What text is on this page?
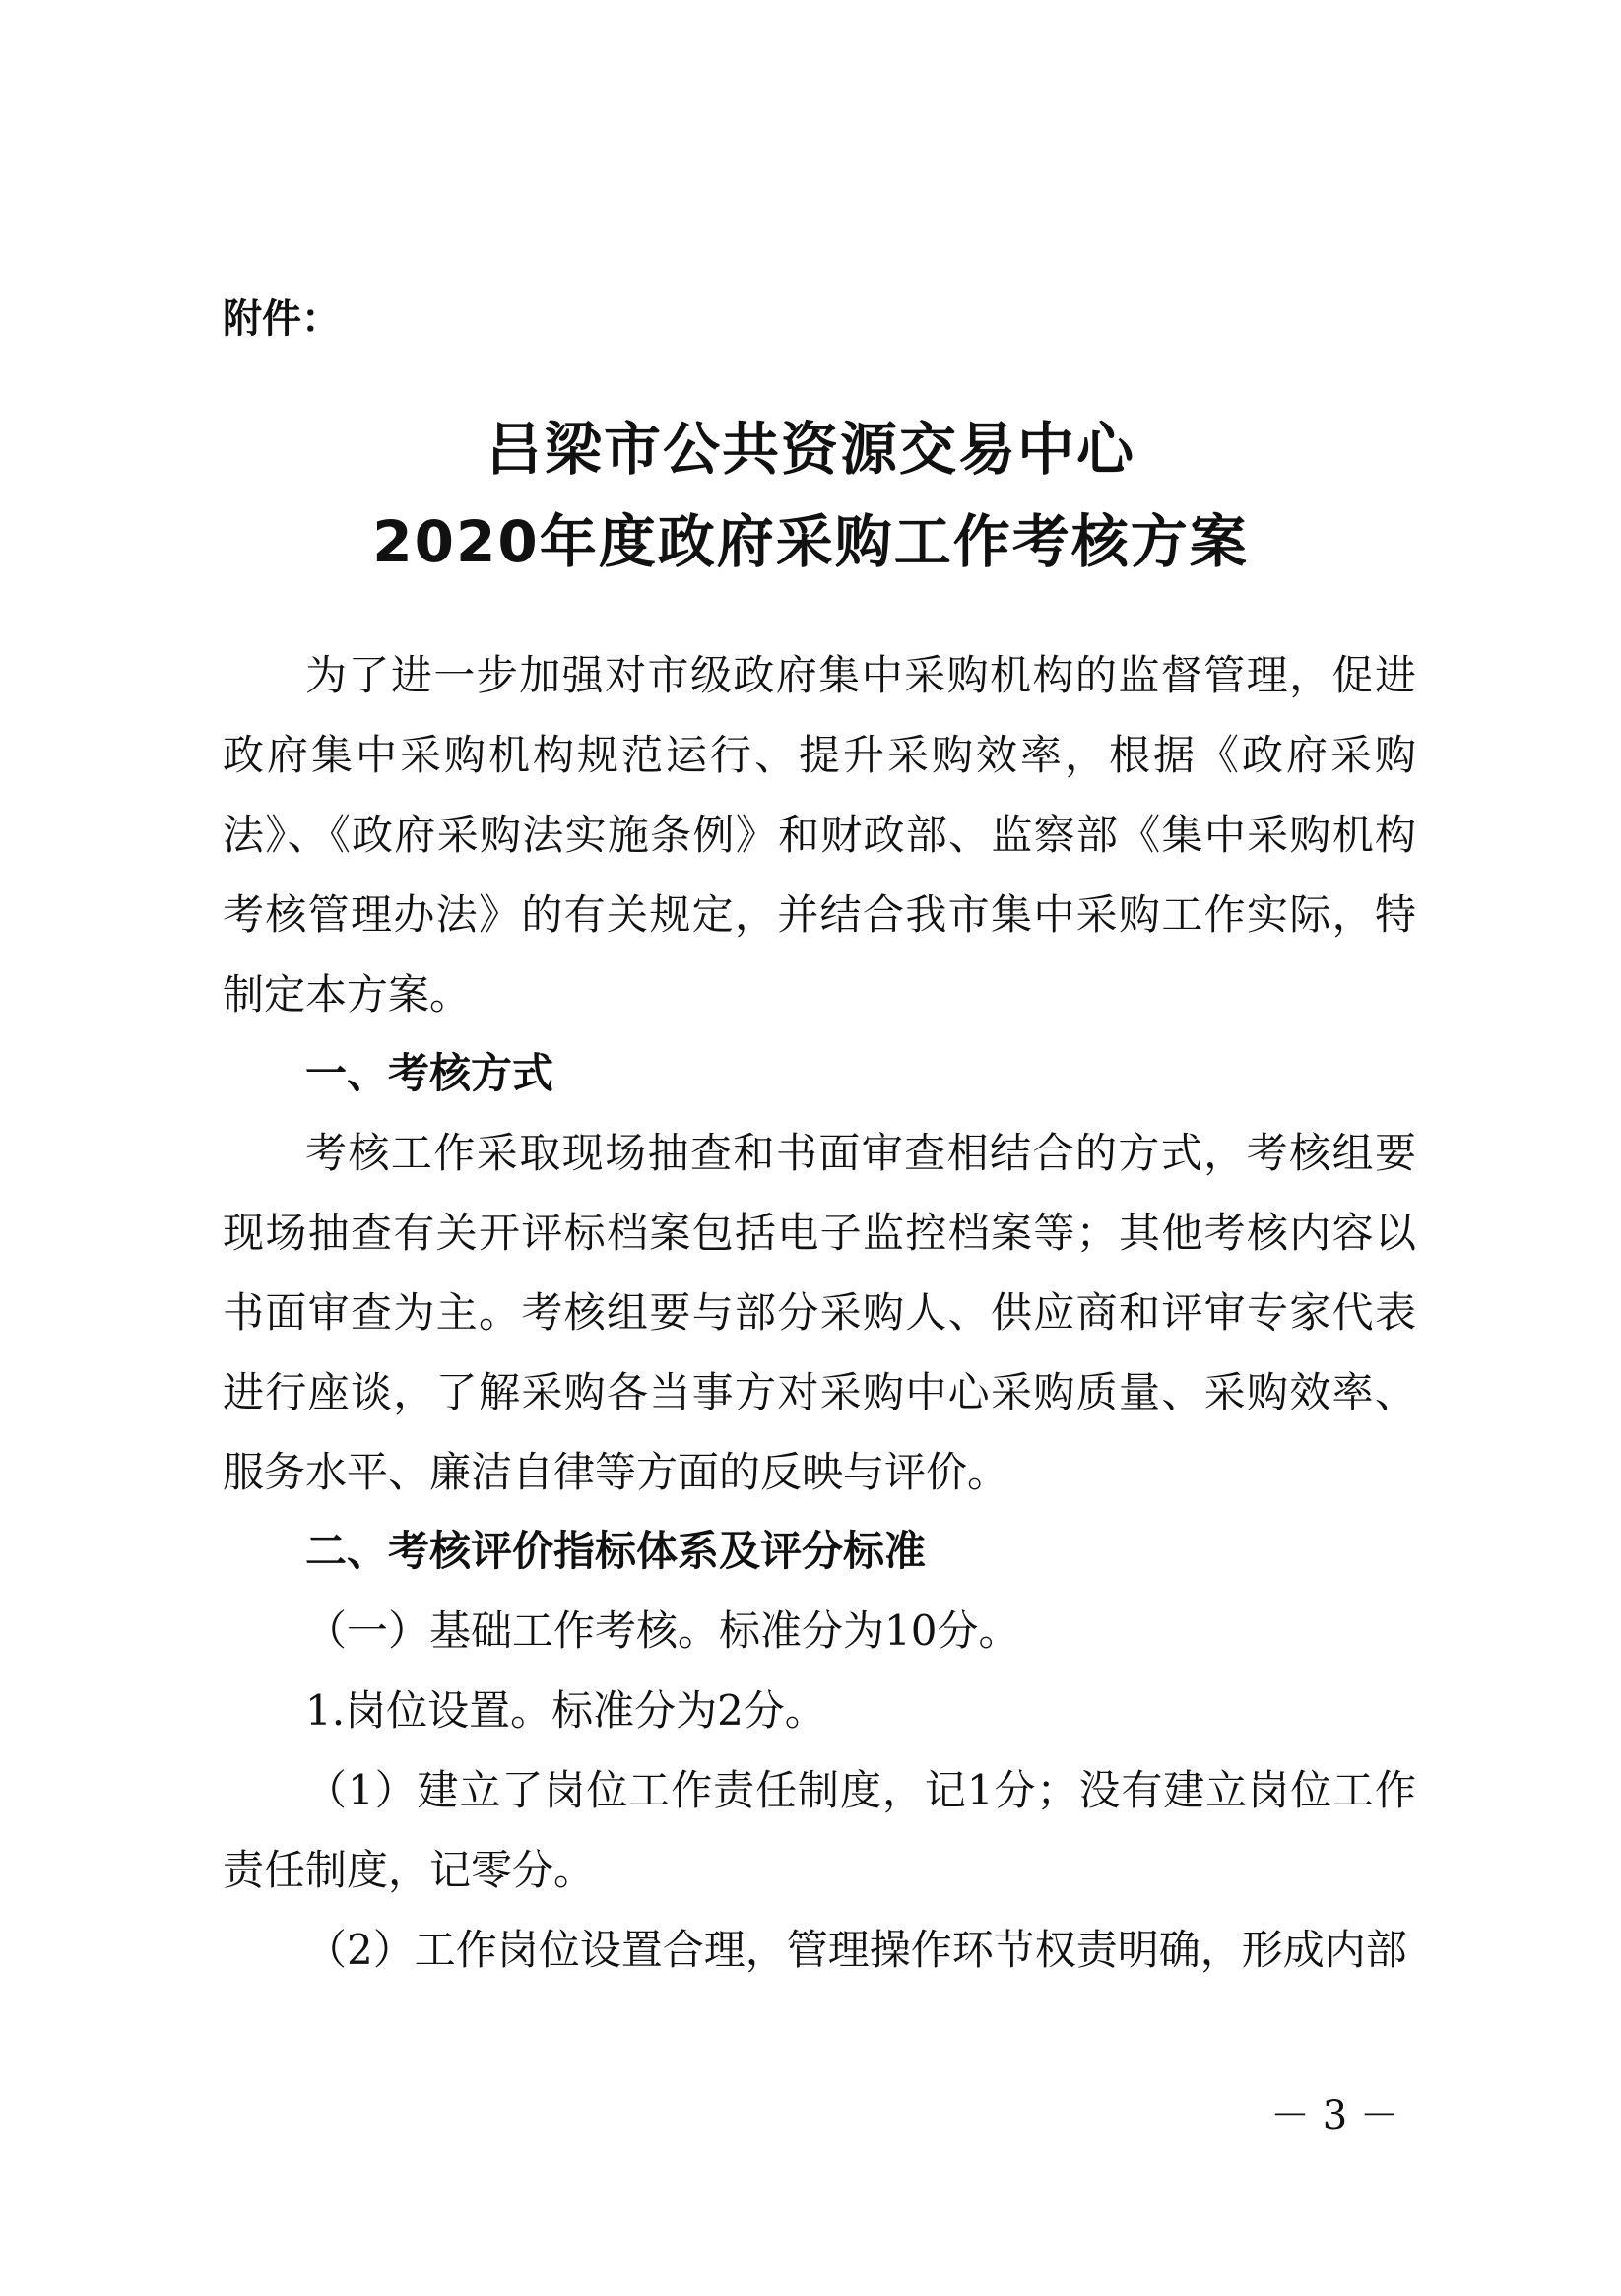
附件：
吕梁市公共资源交易中心
2020年度政府采购工作考核方案

为了进一步加强对市级政府集中采购机构的监督管理，促进政府集中采购机构规范运行、提升采购效率，根据《政府采购法》、《政府采购法实施条例》和财政部、监察部《集中采购机构考核管理办法》的有关规定，并结合我市集中采购工作实际，特制定本方案。

一、考核方式

考核工作采取现场抽查和书面审查相结合的方式，考核组要现场抽查有关开评标档案包括电子监控档案等；其他考核内容以书面审查为主。考核组要与部分采购人、供应商和评审专家代表进行座谈，了解采购各当事方对采购中心采购质量、采购效率、服务水平、廉洁自律等方面的反映与评价。

二、考核评价指标体系及评分标准
（一）基础工作考核。标准分为10分。
1.岗位设置。标准分为2分。

（1）建立了岗位工作责任制度，记1分；没有建立岗位工作责任制度，记零分。

（2）工作岗位设置合理，管理操作环节权责明确，形成内部

－ 3 －
